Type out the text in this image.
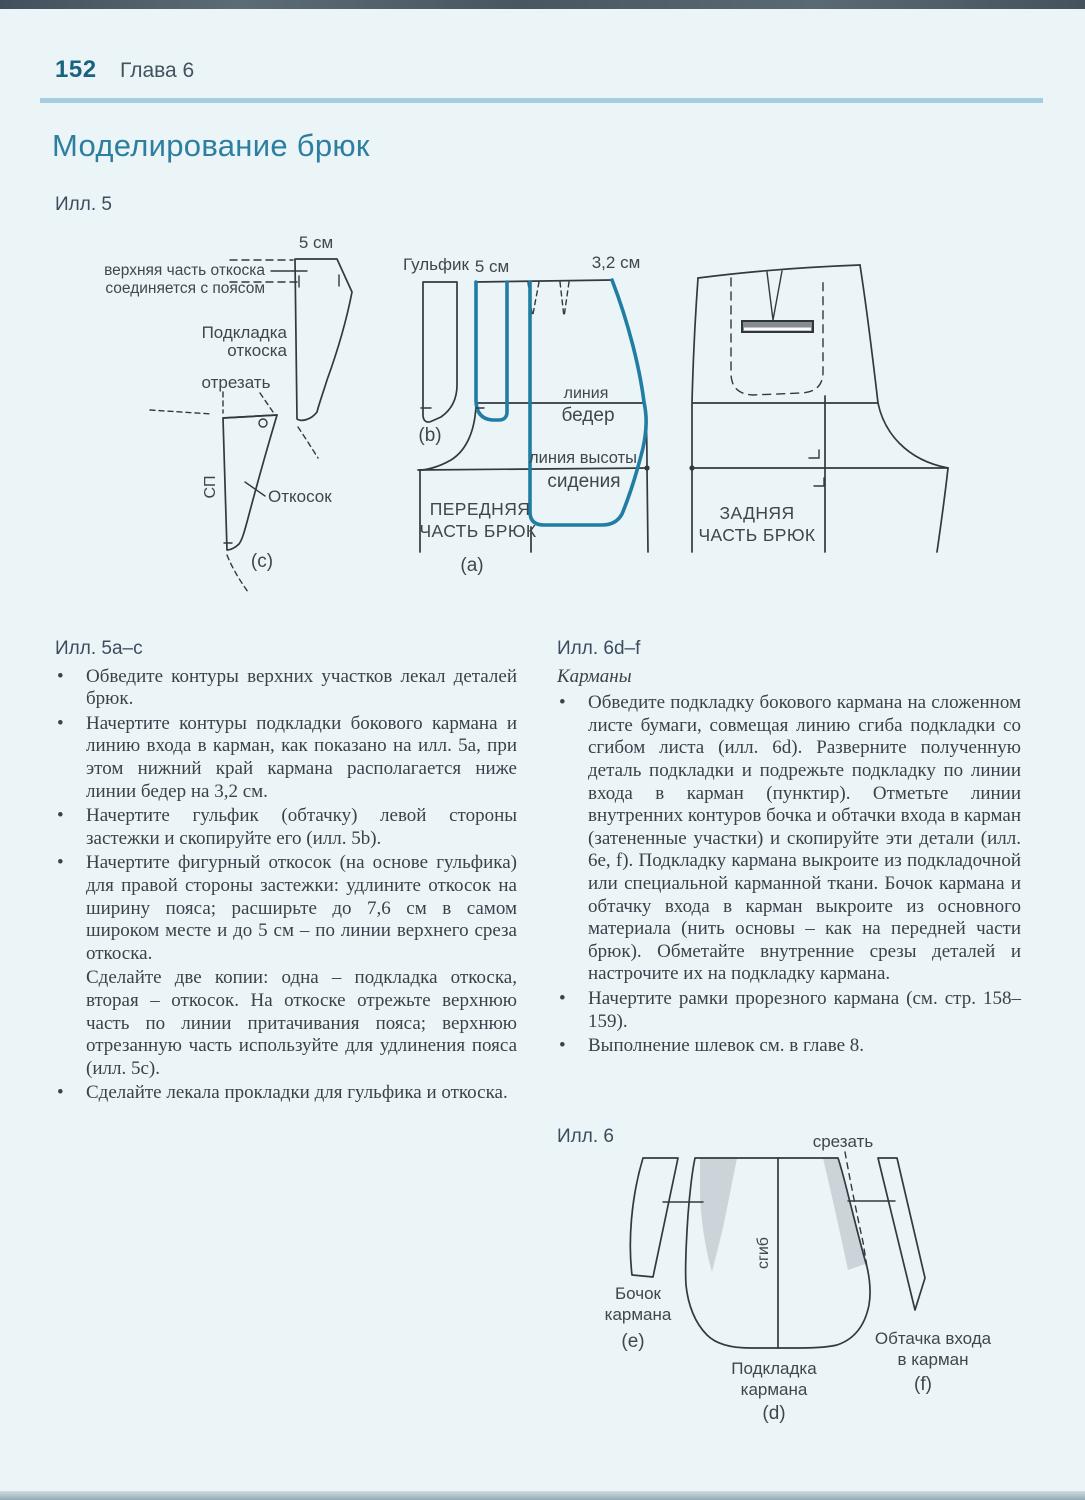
152 Глава 6
Моделирование брюк
Илл. 5
5 см
верхняя часть откоска
соединяется с поясом
Подкладка
откоска
отрезать
СП	Откосок
(c)
Гульфик 5 см	3,2 см
(b)
линия
бедер
линия высоты
сидения
ПЕРЕДНЯЯ
ЧАСТЬ БРЮК
(a)
ЗАДНЯЯ
ЧАСТЬ БРЮК
Илл. 5a–c
•	Обведите контуры верхних участков лекал деталей брюк.
•	Начертите контуры подкладки бокового кармана и линию входа в карман, как показано на илл. 5a, при этом нижний край кармана располагается ниже линии бедер на 3,2 см.
•	Начертите гульфик (обтачку) левой стороны застежки и скопируйте его (илл. 5b).
•	Начертите фигурный откосок (на основе гульфика) для правой стороны застежки: удлините откосок на ширину пояса; расширьте до 7,6 см в самом широком месте и до 5 см – по линии верхнего среза откоска.
Сделайте две копии: одна – подкладка откоска, вторая – откосок. На откоске отрежьте верхнюю часть по линии притачивания пояса; верхнюю отрезанную часть используйте для удлинения пояса (илл. 5c).
•	Сделайте лекала прокладки для гульфика и откоска.
Илл. 6d–f
Карманы
•	Обведите подкладку бокового кармана на сложенном листе бумаги, совмещая линию сгиба подкладки со сгибом листа (илл. 6d). Разверните полученную деталь подкладки и подрежьте подкладку по линии входа в карман (пунктир). Отметьте линии внутренних контуров бочка и обтачки входа в карман (затененные участки) и скопируйте эти детали (илл. 6e, f). Подкладку кармана выкроите из подкладочной или специальной карманной ткани. Бочок кармана и обтачку входа в карман выкроите из основного материала (нить основы – как на передней части брюк). Обметайте внутренние срезы деталей и настрочите их на подкладку кармана.
•	Начертите рамки прорезного кармана (см. стр. 158–159).
•	Выполнение шлевок см. в главе 8.
Илл. 6	срезать
сгиб
Бочок
кармана
(e)	Обтачка входа
в карман
(f)
Подкладка
кармана
(d)
